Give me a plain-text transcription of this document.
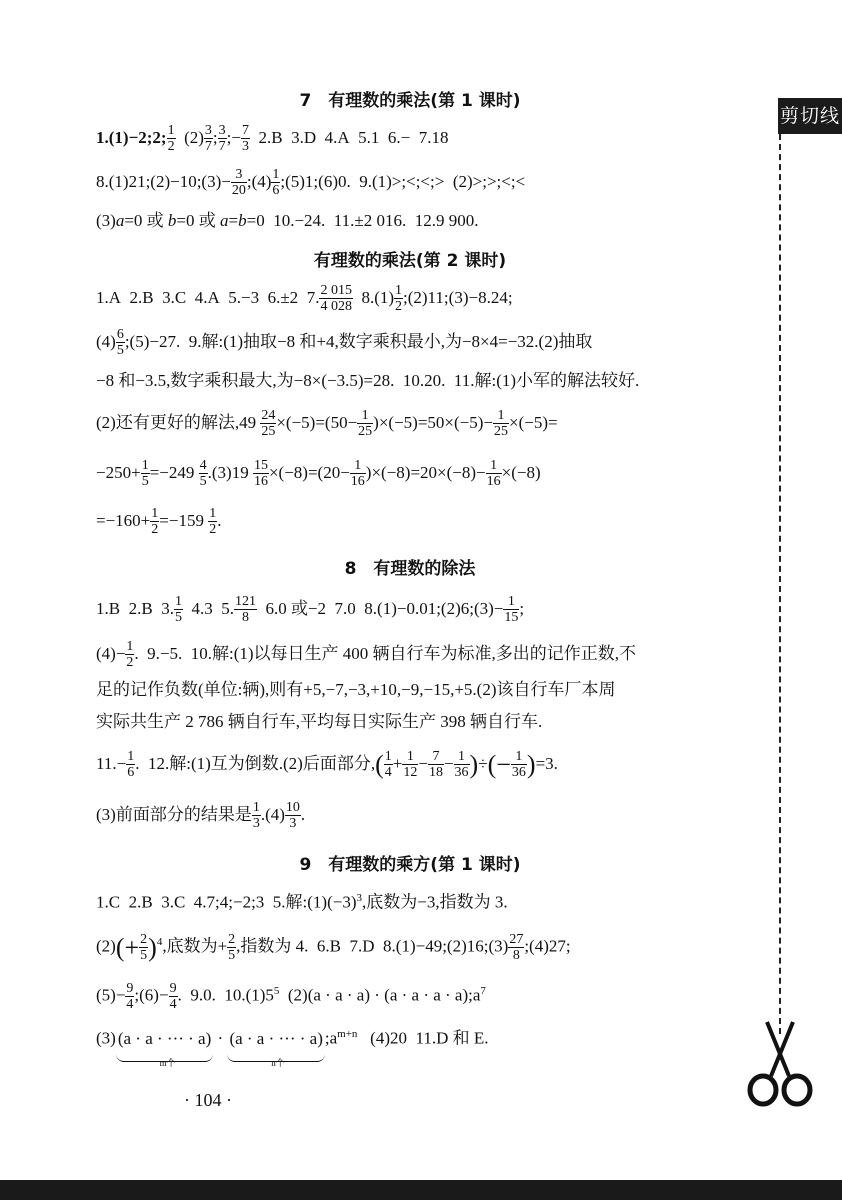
剪切线
7　有理数的乘法(第 1 课时)
1.(1)−2;2; $\frac{1}{2} (2) \frac{3}{7}$ ; $\frac{3}{7}$ ;− $\frac{7}{3} 2.B$ 3.D 4.A 5.1 6.− 7.18
8.(1)21;(2)−10;(3)− $\frac{3}{20}$ ;(4) $\frac{1}{6}$ ;(5)1;(6)0. 9.(1)>;<;<;> (2)>;>;<;<
(3)a=0 或 b=0 或 a=b=0 10.−24. 11.±2 016. 12.9 900.
有理数的乘法(第 2 课时)
1.A 2.B 3.C 4.A 5.−3 6.±2 7. $\frac{2 015}{4 028} 8.(1) \frac{1}{2}$ ;(2)11;(3)−8.24;
$(4) \frac{6}{5}$ ;(5)−27. 9.解:(1)抽取−8 和+4,数字乘积最小,为−8×4=−32.(2)抽取
−8 和−3.5,数字乘积最大,为−8×(−3.5)=28. 10.20. 11.解:(1)小军的解法较好.
(2)还有更好的解法$,49 \frac{24}{25} \times(-5)=(50- \frac{1}{25} )\times(-5)=50\times(-5)- \frac{1}{25} \times(-5)=$
$-250+ \frac{1}{5} =-249 \frac{4}{5} .(3)19 \frac{15}{16} \times(-8)=(20- \frac{1}{16} )\times(-8)=20\times(-8)- \frac{1}{16} \times(-8)$
$=-160+ \frac{1}{2} =-159 \frac{1}{2}$ .
8　有理数的除法
1.B 2.B 3. $\frac{1}{5} 4.3$ 5. $\frac{121}{8} 6.0$ 或−2 7.0 8.(1)−0.01;(2)6;(3)− $\frac{1}{15}$ ;
$(4)- \frac{1}{2}$ . 9.−5. 10.解:(1)以每日生产 400 辆自行车为标准,多出的记作正数,不
足的记作负数(单位:辆),则有+5,−7,−3,+10,−9,−15,+5.(2)该自行车厂本周
实际共生产 2 786 辆自行车,平均每日实际生产 398 辆自行车.
$11.- \frac{1}{6}$ . 12.解:(1)互为倒数.(2)后面部分,( $\frac{1}{4} + \frac{1}{12} - \frac{7}{18} - \frac{1}{36}$ )÷(− $\frac{1}{36} )=3$.
(3)前面部分的结果是 $\frac{1}{3} .(4) \frac{10}{3}$ .
9　有理数的乘方(第 1 课时)
1.C 2.B 3.C 4.7;4;−2;3 5.解$:(1)(-3)^3$,底数为−3,指数为 3.
$(2)(+ \frac{2}{5} )^4$,底数为+ $\frac{2}{5}$ ,指数为 4. 6.B 7.D 8.(1)−49;(2)16;(3) $\frac{27}{8}$ ;(4)27;
$(5)- \frac{9}{4}$ ;(6)− $\frac{9}{4}$ . 9.0. $10.(1)5^5$ $(2)(a \cdot a \cdot a) \cdot (a \cdot a \cdot a \cdot a);a^7$
(3) (a · a · ··· · a)
m个
· (a · a · ··· · a)
n个
$;a^{m+n}$ (4)20 11.D 和 E.
· 104 ·
